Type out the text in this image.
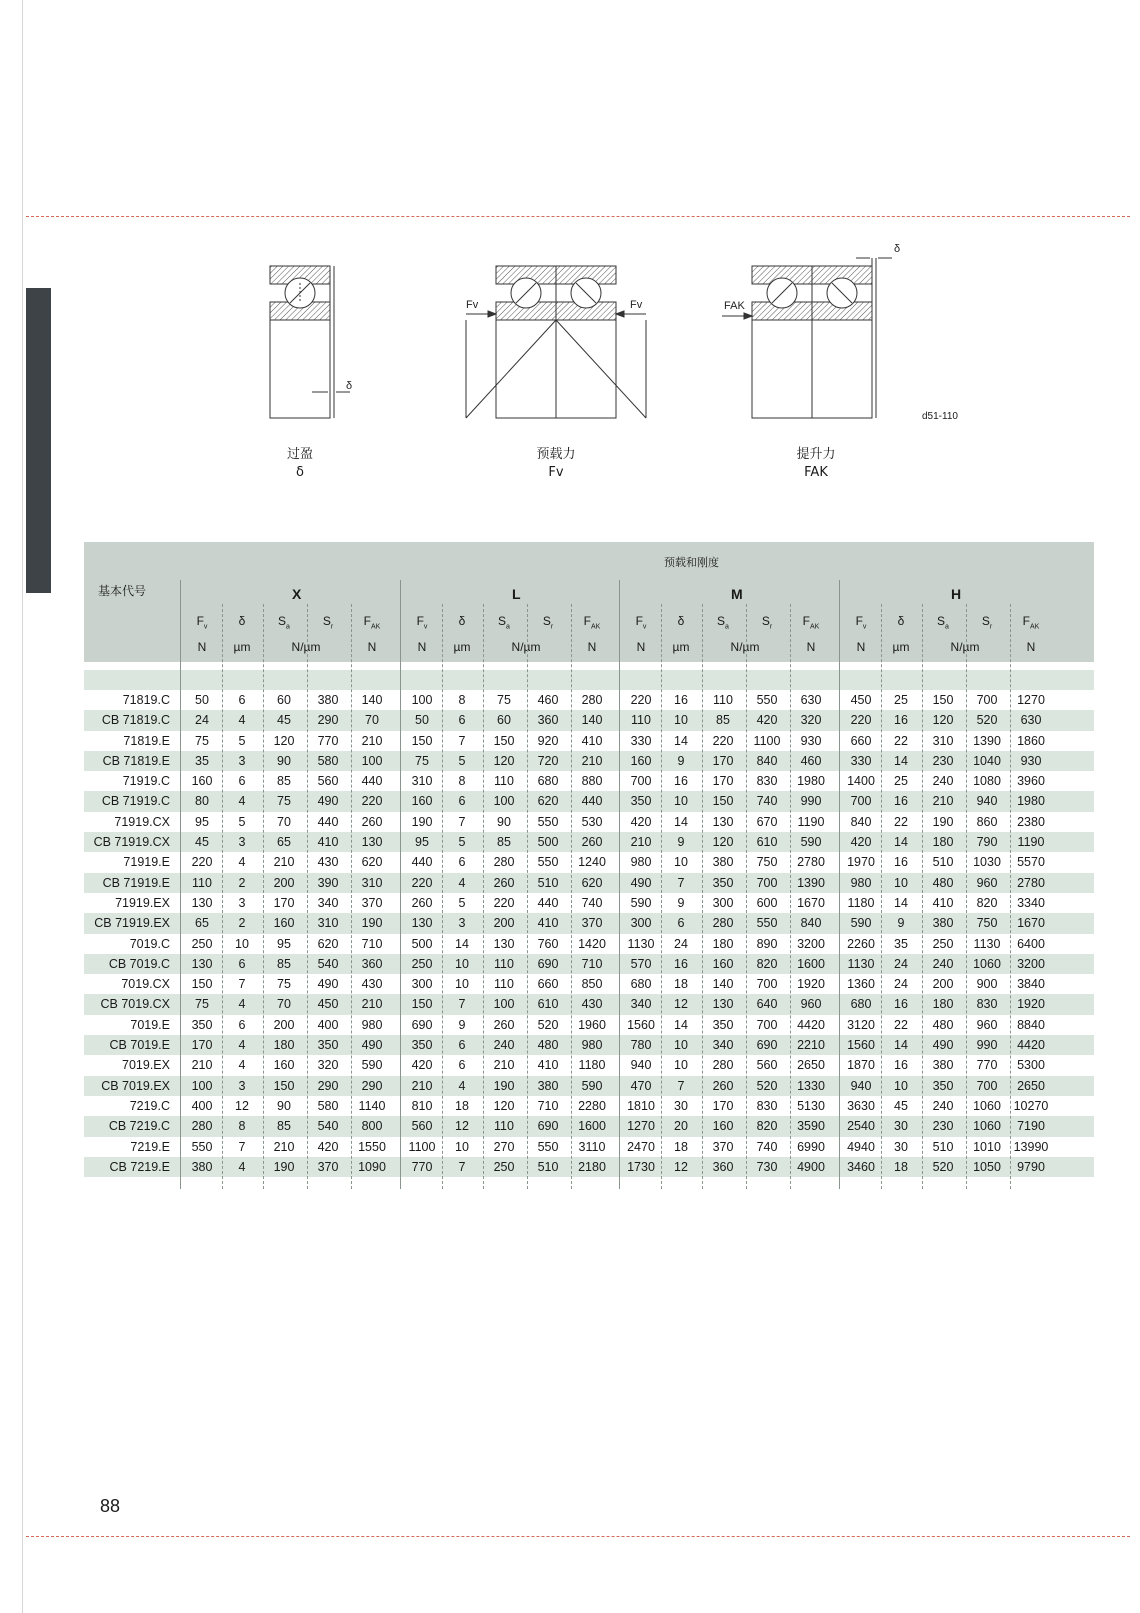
δ
Fv	Fv	FAK
δ
d51-110
过盈
δ
预载力
Fv
提升力
FAK
预载和刚度
基本代号	X
$F_v$	δ	$S_a$	$S_r$	$F_{AK}$
N	µm	N/µm	N
L
$F_v$	δ	$S_a$	$S_r$	$F_{AK}$
N	µm	N/µm	N
M
$F_v$	δ	$S_a$	$S_r$	$F_{AK}$
N	µm	N/µm	N
H
$F_v$	δ	$S_a$	$S_r$	$F_{AK}$
N	µm	N/µm	N
71819.C	50	6	60	380	140	100	8	75	460	280	220	16	110	550	630	450	25	150	700	1270
CB 71819.C	24	4	45	290	70	50	6	60	360	140	110	10	85	420	320	220	16	120	520	630
71819.E	75	5	120	770	210	150	7	150	920	410	330	14	220	1100	930	660	22	310	1390	1860
CB 71819.E	35	3	90	580	100	75	5	120	720	210	160	9	170	840	460	330	14	230	1040	930
71919.C	160	6	85	560	440	310	8	110	680	880	700	16	170	830	1980	1400	25	240	1080	3960
CB 71919.C	80	4	75	490	220	160	6	100	620	440	350	10	150	740	990	700	16	210	940	1980
71919.CX	95	5	70	440	260	190	7	90	550	530	420	14	130	670	1190	840	22	190	860	2380
CB 71919.CX	45	3	65	410	130	95	5	85	500	260	210	9	120	610	590	420	14	180	790	1190
71919.E	220	4	210	430	620	440	6	280	550	1240	980	10	380	750	2780	1970	16	510	1030	5570
CB 71919.E	110	2	200	390	310	220	4	260	510	620	490	7	350	700	1390	980	10	480	960	2780
71919.EX	130	3	170	340	370	260	5	220	440	740	590	9	300	600	1670	1180	14	410	820	3340
CB 71919.EX	65	2	160	310	190	130	3	200	410	370	300	6	280	550	840	590	9	380	750	1670
7019.C	250	10	95	620	710	500	14	130	760	1420	1130	24	180	890	3200	2260	35	250	1130	6400
CB 7019.C	130	6	85	540	360	250	10	110	690	710	570	16	160	820	1600	1130	24	240	1060	3200
7019.CX	150	7	75	490	430	300	10	110	660	850	680	18	140	700	1920	1360	24	200	900	3840
CB 7019.CX	75	4	70	450	210	150	7	100	610	430	340	12	130	640	960	680	16	180	830	1920
7019.E	350	6	200	400	980	690	9	260	520	1960	1560	14	350	700	4420	3120	22	480	960	8840
CB 7019.E	170	4	180	350	490	350	6	240	480	980	780	10	340	690	2210	1560	14	490	990	4420
7019.EX	210	4	160	320	590	420	6	210	410	1180	940	10	280	560	2650	1870	16	380	770	5300
CB 7019.EX	100	3	150	290	290	210	4	190	380	590	470	7	260	520	1330	940	10	350	700	2650
7219.C	400	12	90	580	1140	810	18	120	710	2280	1810	30	170	830	5130	3630	45	240	1060	10270
CB 7219.C	280	8	85	540	800	560	12	110	690	1600	1270	20	160	820	3590	2540	30	230	1060	7190
7219.E	550	7	210	420	1550	1100	10	270	550	3110	2470	18	370	740	6990	4940	30	510	1010	13990
CB 7219.E	380	4	190	370	1090	770	7	250	510	2180	1730	12	360	730	4900	3460	18	520	1050	9790
88
